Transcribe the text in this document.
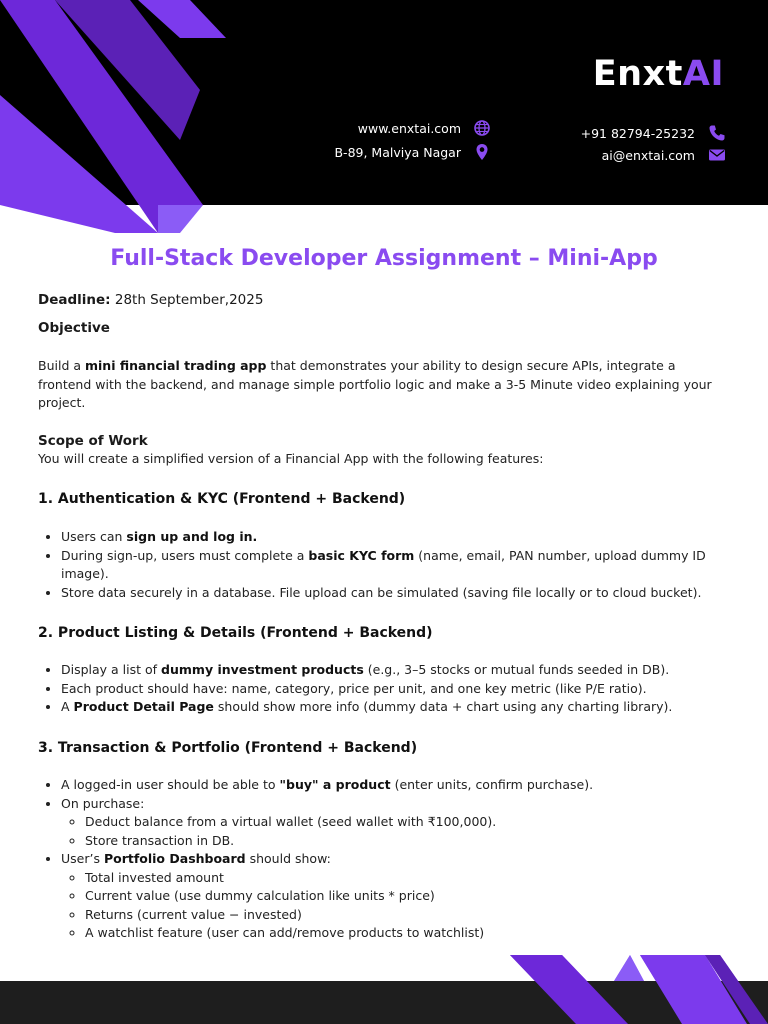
EnxtAI
www.enxtai.com
B-89, Malviya Nagar
+91 82794-25232
ai@enxtai.com
Full-Stack Developer Assignment – Mini-App
Deadline: 28th September,2025
Objective
Build a mini financial trading app that demonstrates your ability to design secure APIs, integrate a frontend with the backend, and manage simple portfolio logic and make a 3-5 Minute video explaining your project.
Scope of Work
You will create a simplified version of a Financial App with the following features:
1. Authentication & KYC (Frontend + Backend)
• Users can sign up and log in.
• During sign-up, users must complete a basic KYC form (name, email, PAN number, upload dummy ID image).
• Store data securely in a database. File upload can be simulated (saving file locally or to cloud bucket).
2. Product Listing & Details (Frontend + Backend)
• Display a list of dummy investment products (e.g., 3–5 stocks or mutual funds seeded in DB).
• Each product should have: name, category, price per unit, and one key metric (like P/E ratio).
• A Product Detail Page should show more info (dummy data + chart using any charting library).
3. Transaction & Portfolio (Frontend + Backend)
• A logged-in user should be able to "buy" a product (enter units, confirm purchase).
• On purchase:
◦ Deduct balance from a virtual wallet (seed wallet with ₹100,000).
◦ Store transaction in DB.
• User’s Portfolio Dashboard should show:
◦ Total invested amount
◦ Current value (use dummy calculation like units * price)
◦ Returns (current value − invested)
◦ A watchlist feature (user can add/remove products to watchlist)
